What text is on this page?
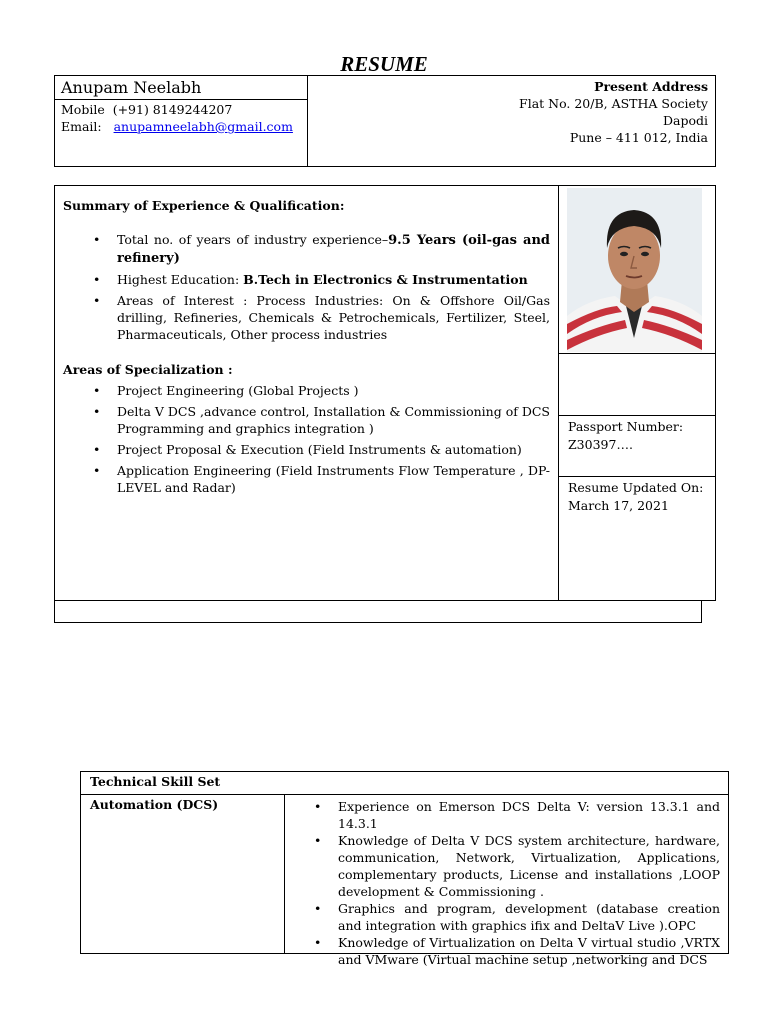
RESUME
Anupam Neelabh
Mobile (+91) 8149244207
Email: anupamneelabh@gmail.com
Present Address
Flat No. 20/B, ASTHA Society
Dapodi
Pune – 411 012, India
Passport Number:
Z30397….
Resume Updated On:
March 17, 2021
Summary of Experience & Qualification:
• Total no. of years of industry experience–9.5 Years (oil-gas and refinery)
• Highest Education: B.Tech in Electronics & Instrumentation
• Areas of Interest : Process Industries: On & Offshore Oil/Gas drilling, Refineries, Chemicals & Petrochemicals, Fertilizer, Steel, Pharmaceuticals, Other process industries
Areas of Specialization :
• Project Engineering (Global Projects )
• Delta V DCS ,advance control, Installation & Commissioning of DCS Programming and graphics integration )
• Project Proposal & Execution (Field Instruments & automation)
• Application Engineering (Field Instruments Flow Temperature , DP-LEVEL and Radar)
Technical Skill Set
Automation (DCS)
•	Experience on Emerson DCS Delta V: version 13.3.1 and 14.3.1
• Knowledge of Delta V DCS system architecture, hardware, communication, Network, Virtualization, Applications, complementary products, License and installations ,LOOP development & Commissioning .
• Graphics and program, development (database creation and integration with graphics ifix and DeltaV Live ).OPC
• Knowledge of Virtualization on Delta V virtual studio ,VRTX and VMware (Virtual machine setup ,networking and DCS
